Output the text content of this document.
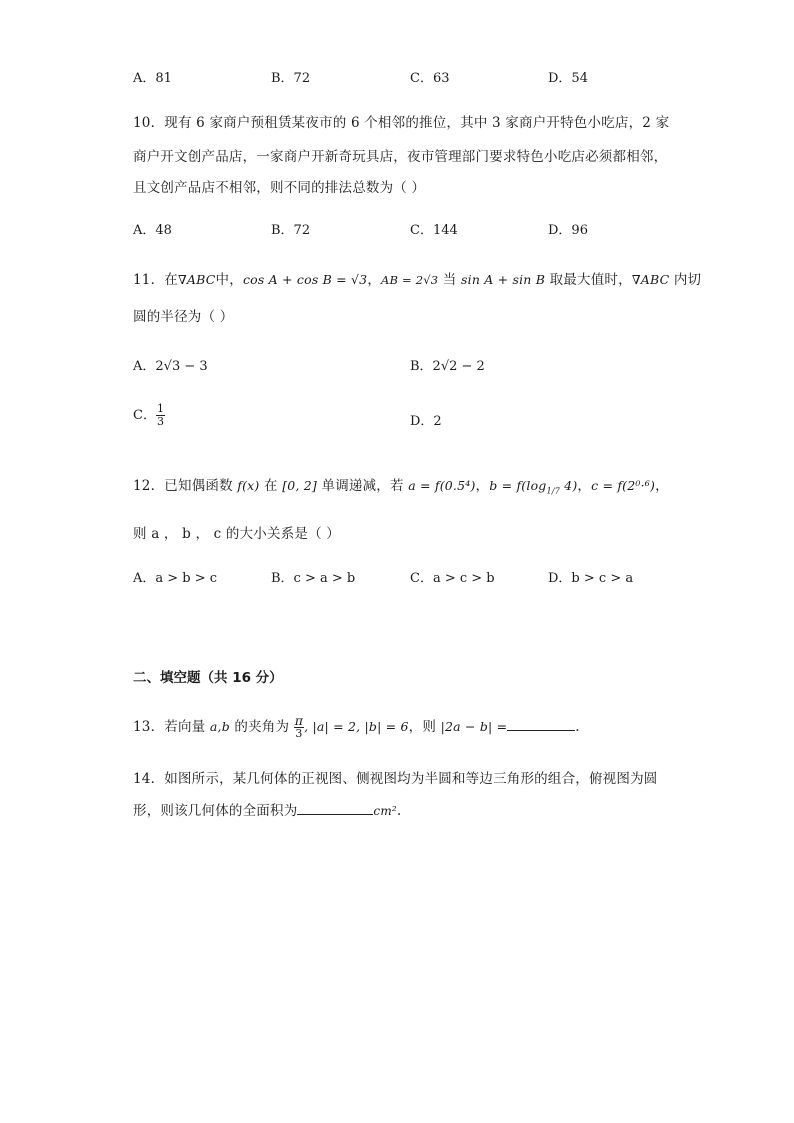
A．81	B．72	C．63	D．54
10．现有 6 家商户预租赁某夜市的 6 个相邻的推位，其中 3 家商户开特色小吃店，2 家
商户开文创产品店，一家商户开新奇玩具店，夜市管理部门要求特色小吃店必须都相邻，
且文创产品店不相邻，则不同的排法总数为（ ）
A．48	B．72	C．144	D．96
11．在∇ABC中，cos A + cos B = √3，AB = 2√3 当 sin A + sin B 取最大值时，∇ABC 内切
圆的半径为（ ）
A．2√3 − 3	B．2√2 − 2
C． $\frac{1}{3}$	D．2
12．已知偶函数 f(x) 在 [0, 2] 单调递减，若 a = f(0.5⁴)，$b = f(\log_{1/7}$ 4)，c = f(2⁰·⁶)，
则 a ， b ， c 的大小关系是（ ）
A．a > b > c	B．c > a > b	C．a > c > b	D．b > c > a
二、填空题（共 16 分）
13．若向量 a,b 的夹角为 $\frac{\pi}{3}$ , |a| = 2, |b| = 6，则 |2a − b| =	.
14．如图所示，某几何体的正视图、侧视图均为半圆和等边三角形的组合，俯视图为圆
形，则该几何体的全面积为	cm².
